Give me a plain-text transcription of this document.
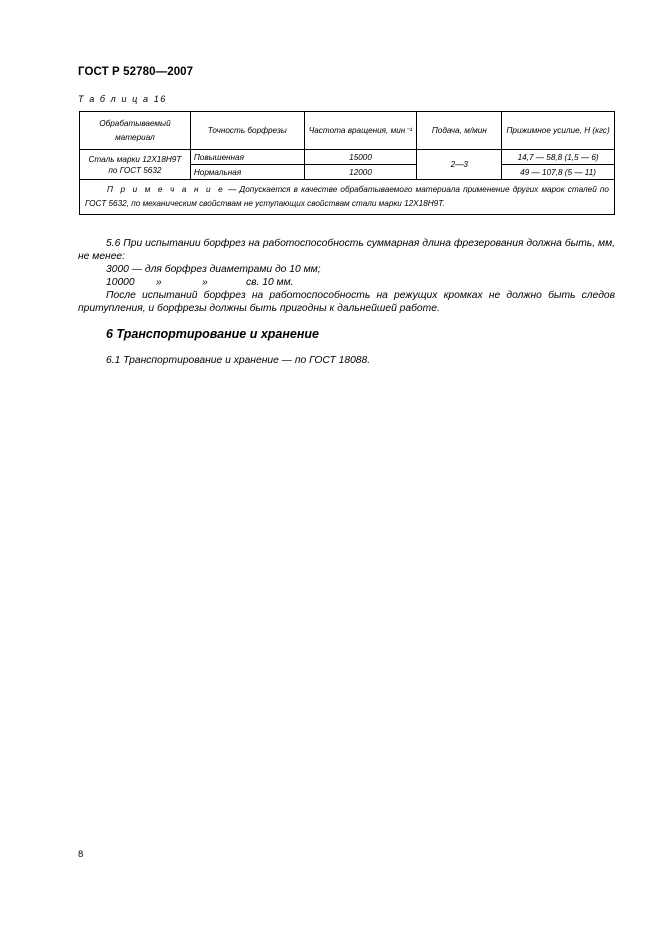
ГОСТ Р 52780—2007
Т а б л и ц а 16
Обрабатываемый материал	Точность борфрезы	Частота вращения, мин⁻¹	Подача, м/мин	Прижимное усилие, Н (кгс)
Сталь марки 12Х18Н9Т по ГОСТ 5632	Повышенная	15000	2—3	14,7 — 58,8 (1,5 — 6)
	Нормальная	12000		49 — 107,8 (5 — 11)
П р и м е ч а н и е — Допускается в качестве обрабатываемого материала применение других марок сталей по ГОСТ 5632, по механическим свойствам не уступающих свойствам стали марки 12Х18Н9Т.				
5.6 При испытании борфрез на работоспособность суммарная длина фрезерования должна быть, мм, не менее:
3000 — для борфрез диаметрами до 10 мм;
10000 »	»	св. 10 мм.
После испытаний борфрез на работоспособность на режущих кромках не должно быть следов притупления, и борфрезы должны быть пригодны к дальнейшей работе.
6 Транспортирование и хранение
6.1 Транспортирование и хранение — по ГОСТ 18088.
8
